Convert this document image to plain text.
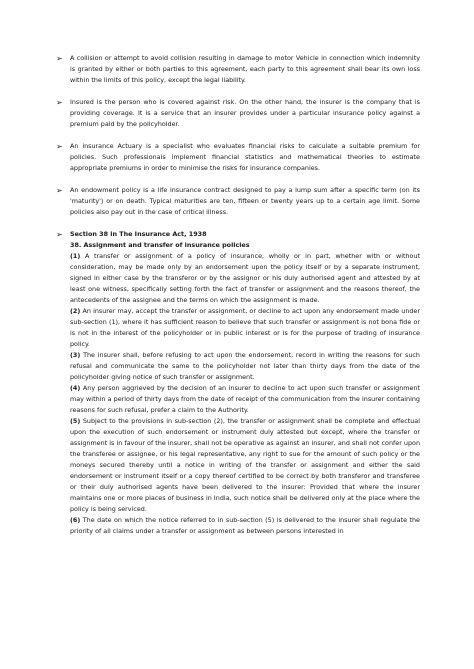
➢ A collision or attempt to avoid collision resulting in damage to motor Vehicle in connection which indemnity is granted by either or both parties to this agreement, each party to this agreement shall bear its own loss within the limits of this policy, except the legal liability.

➢ Insured is the person who is covered against risk. On the other hand, the insurer is the company that is providing coverage. It is a service that an insurer provides under a particular insurance policy against a premium paid by the policyholder.

➢ An insurance Actuary is a specialist who evaluates financial risks to calculate a suitable premium for policies. Such professionals implement financial statistics and mathematical theories to estimate appropriate premiums in order to minimise the risks for insurance companies.

➢ An endowment policy is a life insurance contract designed to pay a lump sum after a specific term (on its 'maturity') or on death. Typical maturities are ten, fifteen or twenty years up to a certain age limit. Some policies also pay out in the case of critical illness.

➢ Section 38 in The Insurance Act, 1938

38. Assignment and transfer of insurance policies

(1) A transfer or assignment of a policy of insurance, wholly or in part, whether with or without consideration, may be made only by an endorsement upon the policy itself or by a separate instrument, signed in either case by the transferor or by the assignor or his duly authorised agent and attested by at least one witness, specifically setting forth the fact of transfer or assignment and the reasons thereof, the antecedents of the assignee and the terms on which the assignment is made.

(2) An insurer may, accept the transfer or assignment, or decline to act upon any endorsement made under sub-section (1), where it has sufficient reason to believe that such transfer or assignment is not bona fide or is not in the interest of the policyholder or in public interest or is for the purpose of trading of insurance policy.

(3) The insurer shall, before refusing to act upon the endorsement, record in writing the reasons for such refusal and communicate the same to the policyholder not later than thirty days from the date of the policyholder giving notice of such transfer or assignment.

(4) Any person aggrieved by the decision of an insurer to decline to act upon such transfer or assignment may within a period of thirty days from the date of receipt of the communication from the insurer containing reasons for such refusal, prefer a claim to the Authority.

(5) Subject to the provisions in sub-section (2), the transfer or assignment shall be complete and effectual upon the execution of such endorsement or instrument duly attested but except, where the transfer or assignment is in favour of the insurer, shall not be operative as against an insurer, and shall not confer upon the transferee or assignee, or his legal representative, any right to sue for the amount of such policy or the moneys secured thereby until a notice in writing of the transfer or assignment and either the said endorsement or instrument itself or a copy thereof certified to be correct by both transferor and transferee or their duly authorised agents have been delivered to the insurer: Provided that where the insurer maintains one or more places of business in India, such notice shall be delivered only at the place where the policy is being serviced.

(6) The date on which the notice referred to in sub-section (5) is delivered to the insurer shall regulate the priority of all claims under a transfer or assignment as between persons interested in
